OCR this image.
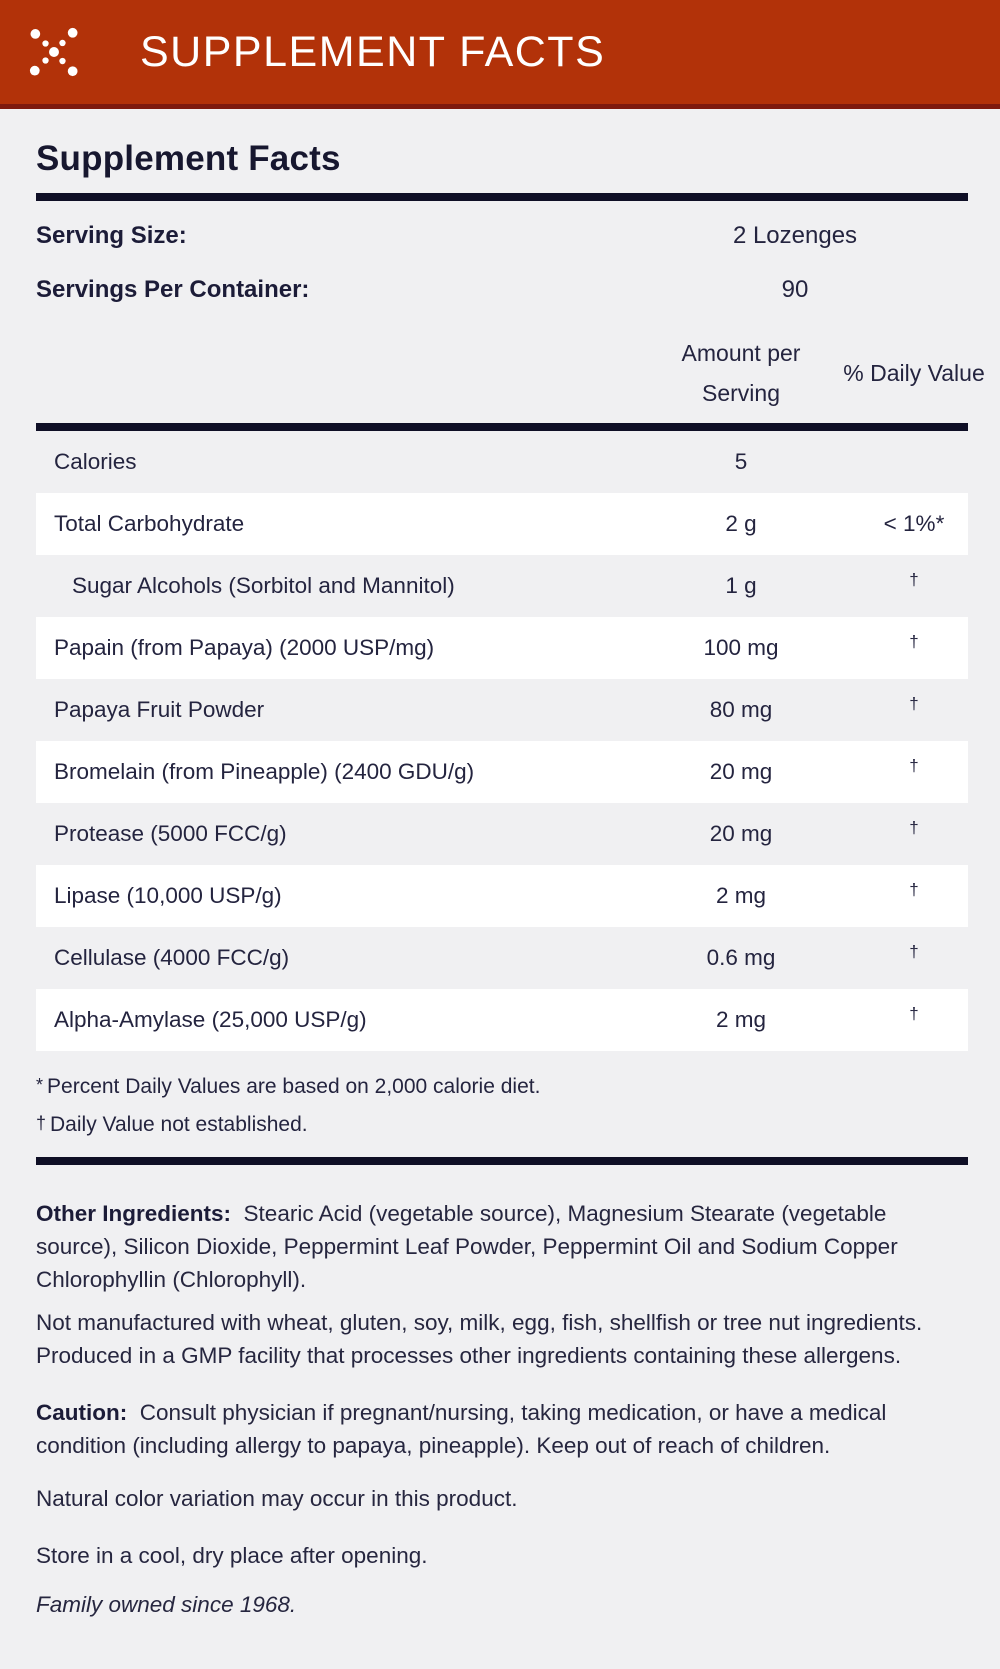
SUPPLEMENT FACTS
Supplement Facts
Serving Size:	2 Lozenges
Servings Per Container:	90
Amount per Serving
% Daily Value
Calories	5
Total Carbohydrate	2 g	< 1%*
Sugar Alcohols (Sorbitol and Mannitol)	1 g	†
Papain (from Papaya) (2000 USP/mg)	100 mg	†
Papaya Fruit Powder	80 mg	†
Bromelain (from Pineapple) (2400 GDU/g)	20 mg	†
Protease (5000 FCC/g)	20 mg	†
Lipase (10,000 USP/g)	2 mg	†
Cellulase (4000 FCC/g)	0.6 mg	†
Alpha-Amylase (25,000 USP/g)	2 mg	†
* Percent Daily Values are based on 2,000 calorie diet.
† Daily Value not established.

Other Ingredients: Stearic Acid (vegetable source), Magnesium Stearate (vegetable source), Silicon Dioxide, Peppermint Leaf Powder, Peppermint Oil and Sodium Copper Chlorophyllin (Chlorophyll).

Not manufactured with wheat, gluten, soy, milk, egg, fish, shellfish or tree nut ingredients. Produced in a GMP facility that processes other ingredients containing these allergens.

Caution: Consult physician if pregnant/nursing, taking medication, or have a medical condition (including allergy to papaya, pineapple). Keep out of reach of children.

Natural color variation may occur in this product.

Store in a cool, dry place after opening.

Family owned since 1968.
